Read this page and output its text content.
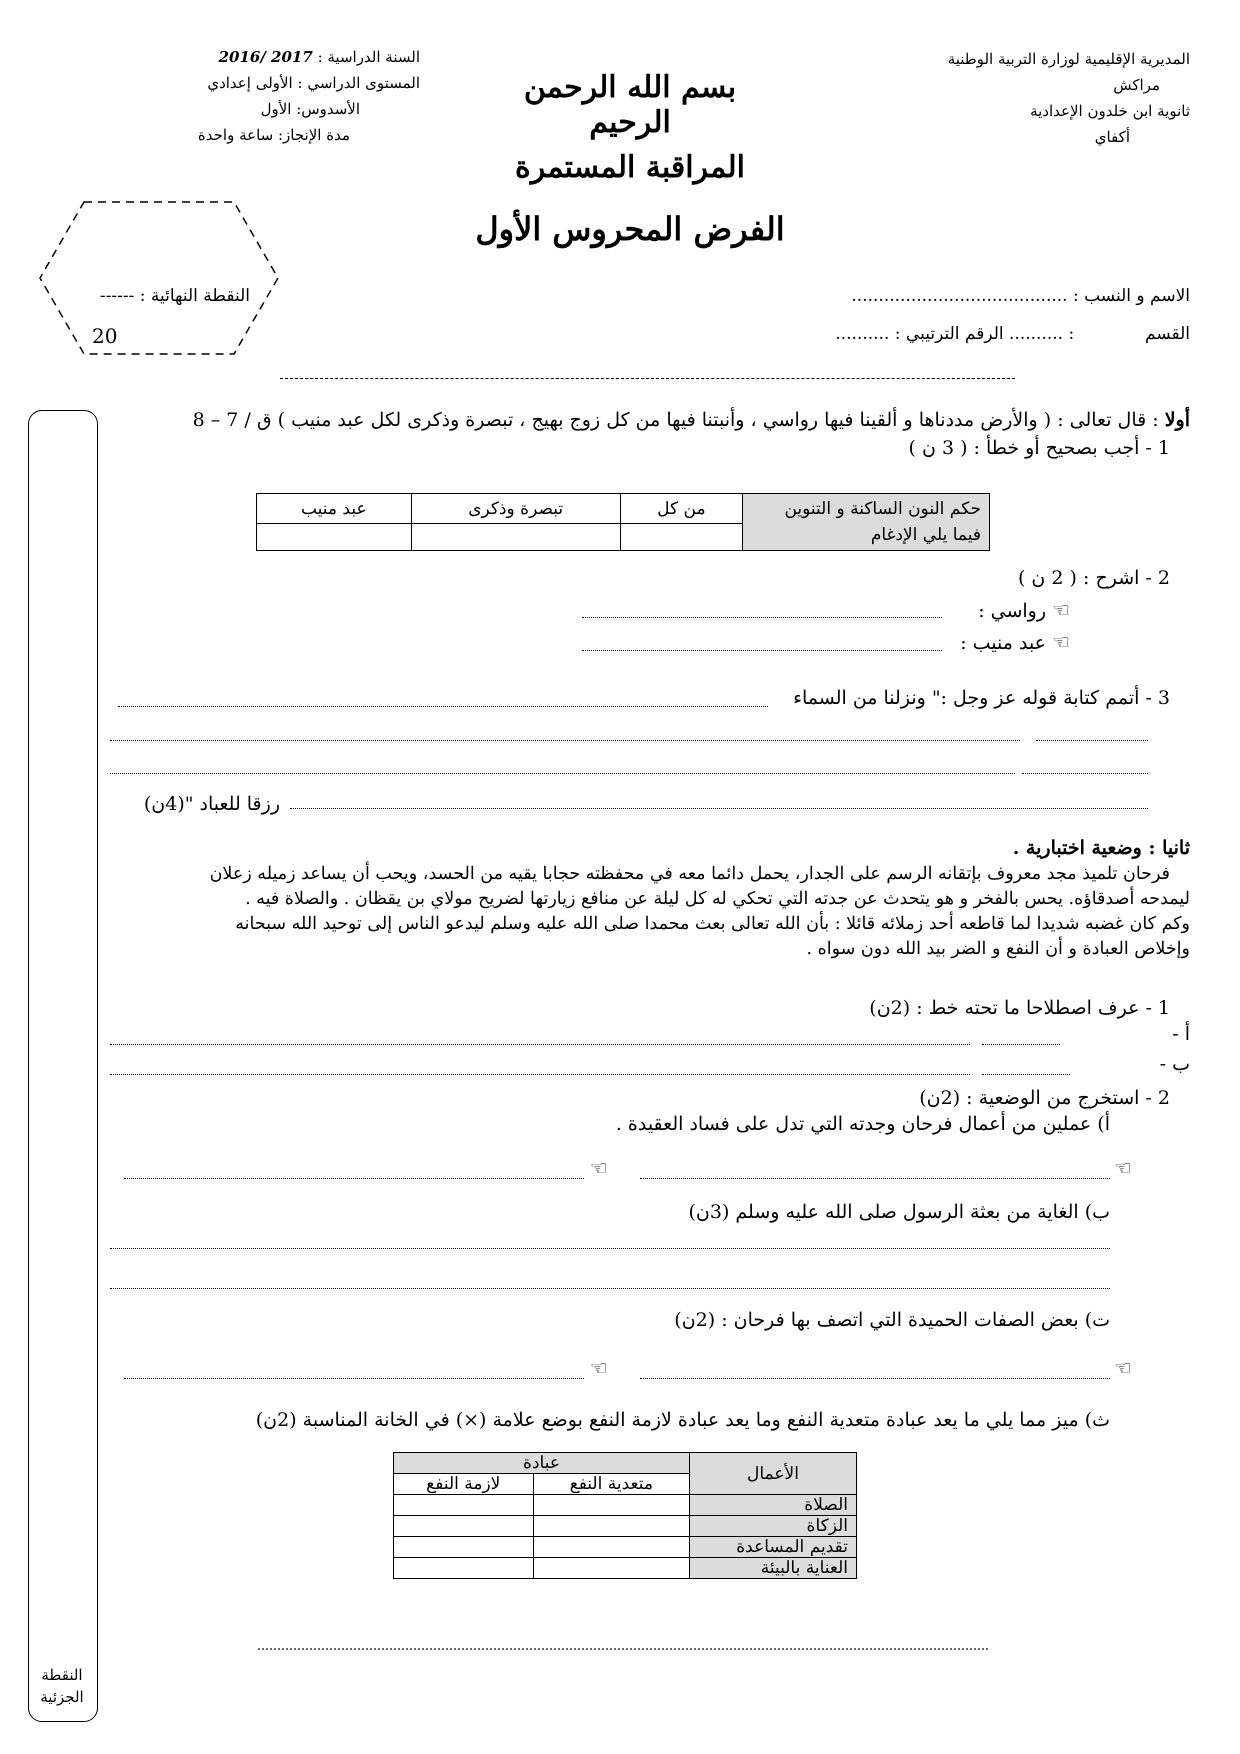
المديرية الإقليمية لوزارة التربية الوطنية
مراكش
ثانوية ابن خلدون الإعدادية
أكفاي
بسم الله الرحمن الرحيم
المراقبة المستمرة
الفرض المحروس الأول
السنة الدراسية : 2016/ 2017
المستوى الدراسي : الأولى إعدادي
الأسدوس: الأول
مدة الإنجاز: ساعة واحدة
النقطة النهائية : ------
20
الاسم و النسب : ........................................
القسم  : .......... الرقم الترتيبي : ..........
النقطة
الجزئية
أولا : قال تعالى : ( والأرض مددناها و ألقينا فيها رواسي ، وأنبتنا فيها من كل زوج بهيج ، تبصرة وذكرى لكل عبد منيب ) ق / 7 – 8
1 - أجب بصحيح أو خطأ : ( 3 ن )
حكم النون الساكنة و التنوين فيما يلي الإدغام	من كل	تبصرة وذكرى	عبد منيب

2 - اشرح : ( 2 ن )
☜ رواسي :
☜ عبد منيب :
3 - أتمم كتابة قوله عز وجل :" ونزلنا من السماء
رزقا للعباد "(4ن)
ثانيا : وضعية اختبارية .
فرحان تلميذ مجد معروف بإتقانه الرسم على الجدار، يحمل دائما معه في محفظته حجابا يقيه من الحسد، ويحب أن يساعد زميله زعلان
ليمدحه أصدقاؤه. يحس بالفخر و هو يتحدث عن جدته التي تحكي له كل ليلة عن منافع زيارتها لضريح مولاي بن يقظان . والصلاة فيه .
وكم كان غضبه شديدا لما قاطعه أحد زملائه قائلا : بأن الله تعالى بعث محمدا صلى الله عليه وسلم ليدعو الناس إلى توحيد الله سبحانه
وإخلاص العبادة و أن النفع و الضر بيد الله دون سواه .
1 - عرف اصطلاحا ما تحته خط : (2ن)
أ -
ب -
2 - استخرج من الوضعية : (2ن)
أ) عملين من أعمال فرحان وجدته التي تدل على فساد العقيدة .
☜	☜
ب) الغاية من بعثة الرسول صلى الله عليه وسلم (3ن)
ت) بعض الصفات الحميدة التي اتصف بها فرحان : (2ن)
☜	☜
ث) ميز مما يلي ما يعد عبادة متعدية النفع وما يعد عبادة لازمة النفع بوضع علامة (×) في الخانة المناسبة (2ن)
الأعمال	عبادة	
	متعدية النفع	لازمة النفع
الصلاة		
الزكاة		
تقديم المساعدة		
العناية بالبيئة		
